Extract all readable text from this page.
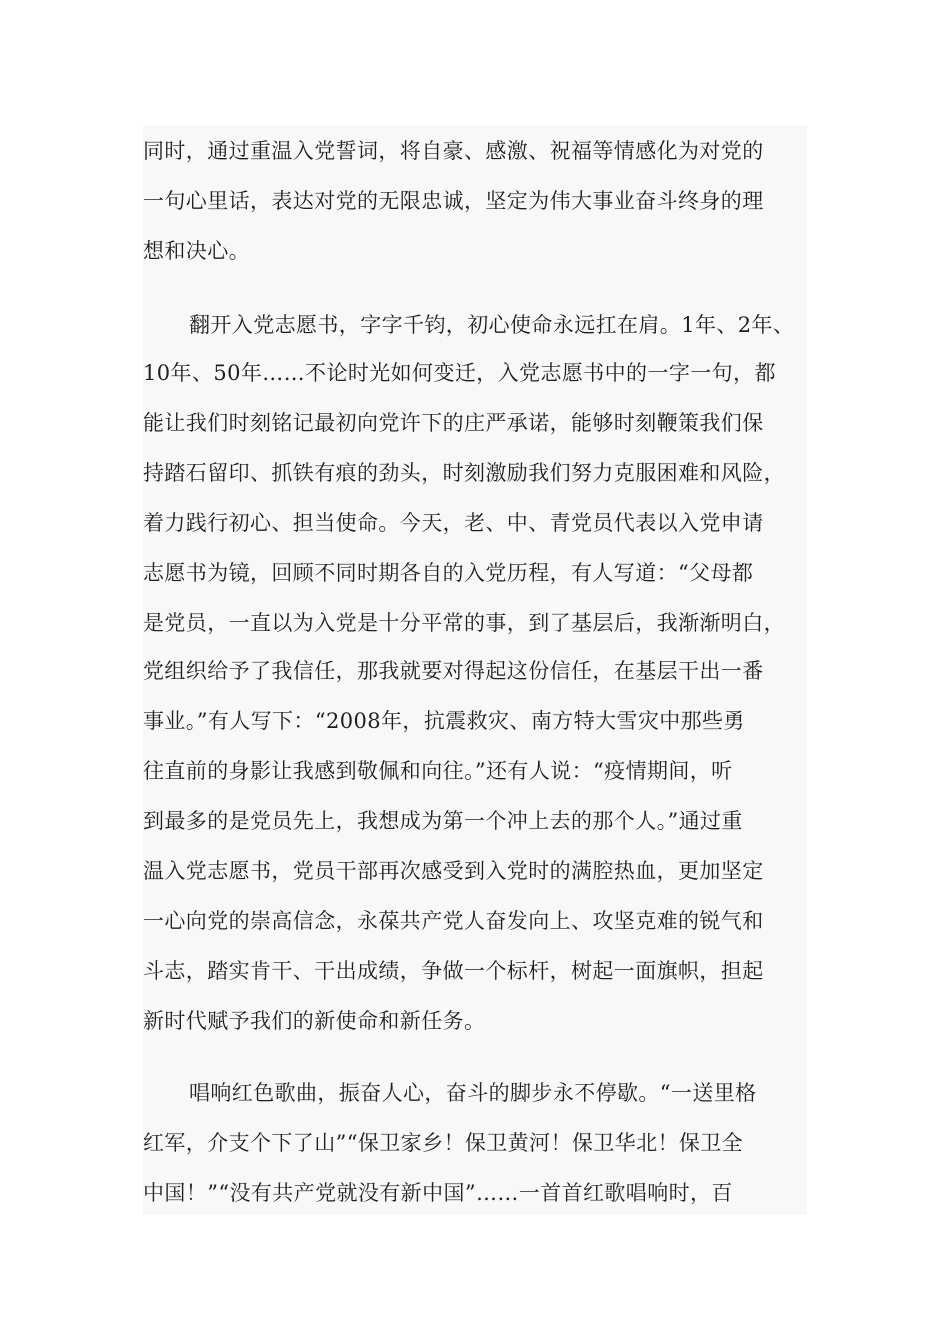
同时，通过重温入党誓词，将自豪、感激、祝福等情感化为对党的
一句心里话，表达对党的无限忠诚，坚定为伟大事业奋斗终身的理
想和决心。
翻开入党志愿书，字字千钧，初心使命永远扛在肩。1年、2年、
10年、50年……不论时光如何变迁，入党志愿书中的一字一句，都
能让我们时刻铭记最初向党许下的庄严承诺，能够时刻鞭策我们保
持踏石留印、抓铁有痕的劲头，时刻激励我们努力克服困难和风险，
着力践行初心、担当使命。今天，老、中、青党员代表以入党申请
志愿书为镜，回顾不同时期各自的入党历程，有人写道：“父母都
是党员，一直以为入党是十分平常的事，到了基层后，我渐渐明白，
党组织给予了我信任，那我就要对得起这份信任，在基层干出一番
事业。”有人写下：“2008年，抗震救灾、南方特大雪灾中那些勇
往直前的身影让我感到敬佩和向往。”还有人说：“疫情期间，听
到最多的是党员先上，我想成为第一个冲上去的那个人。”通过重
温入党志愿书，党员干部再次感受到入党时的满腔热血，更加坚定
一心向党的崇高信念，永葆共产党人奋发向上、攻坚克难的锐气和
斗志，踏实肯干、干出成绩，争做一个标杆，树起一面旗帜，担起
新时代赋予我们的新使命和新任务。
唱响红色歌曲，振奋人心，奋斗的脚步永不停歇。“一送里格
红军，介支个下了山”“保卫家乡！保卫黄河！保卫华北！保卫全
中国！”“没有共产党就没有新中国”……一首首红歌唱响时，百
